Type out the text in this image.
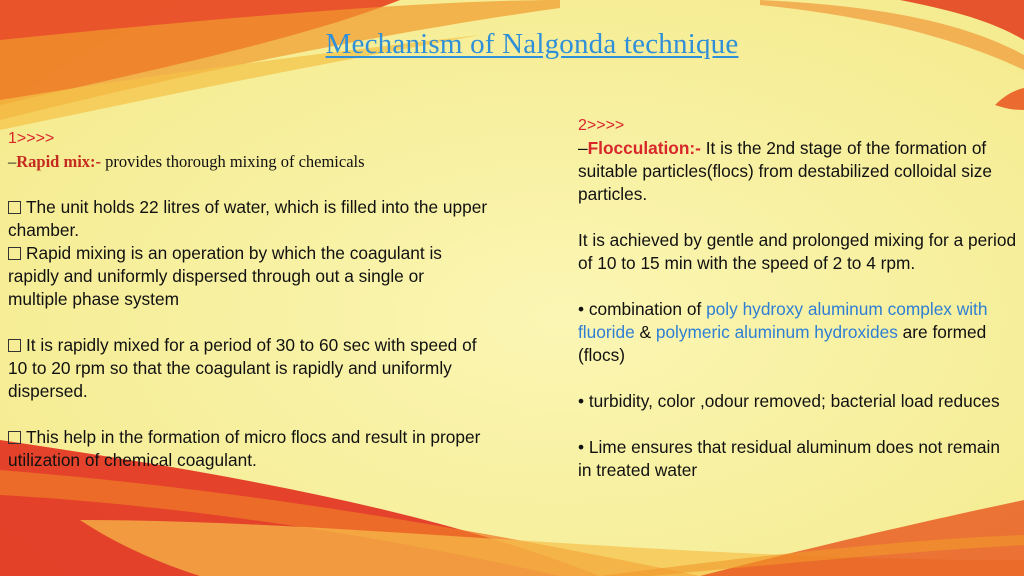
Mechanism of Nalgonda technique
1>>>>
–Rapid mix:- provides thorough mixing of chemicals
The unit holds 22 litres of water, which is filled into the upper chamber.
Rapid mixing is an operation by which the coagulant is rapidly and uniformly dispersed through out a single or multiple phase system
It is rapidly mixed for a period of 30 to 60 sec with speed of 10 to 20 rpm so that the coagulant is rapidly and uniformly dispersed.
This help in the formation of micro flocs and result in proper utilization of chemical coagulant.
2>>>>
–Flocculation:- It is the 2nd stage of the formation of suitable particles(flocs) from destabilized colloidal size particles.
It is achieved by gentle and prolonged mixing for a period of 10 to 15 min with the speed of 2 to 4 rpm.
• combination of poly hydroxy aluminum complex with fluoride & polymeric aluminum hydroxides are formed (flocs)
• turbidity, color ,odour removed; bacterial load reduces
• Lime ensures that residual aluminum does not remain in treated water
